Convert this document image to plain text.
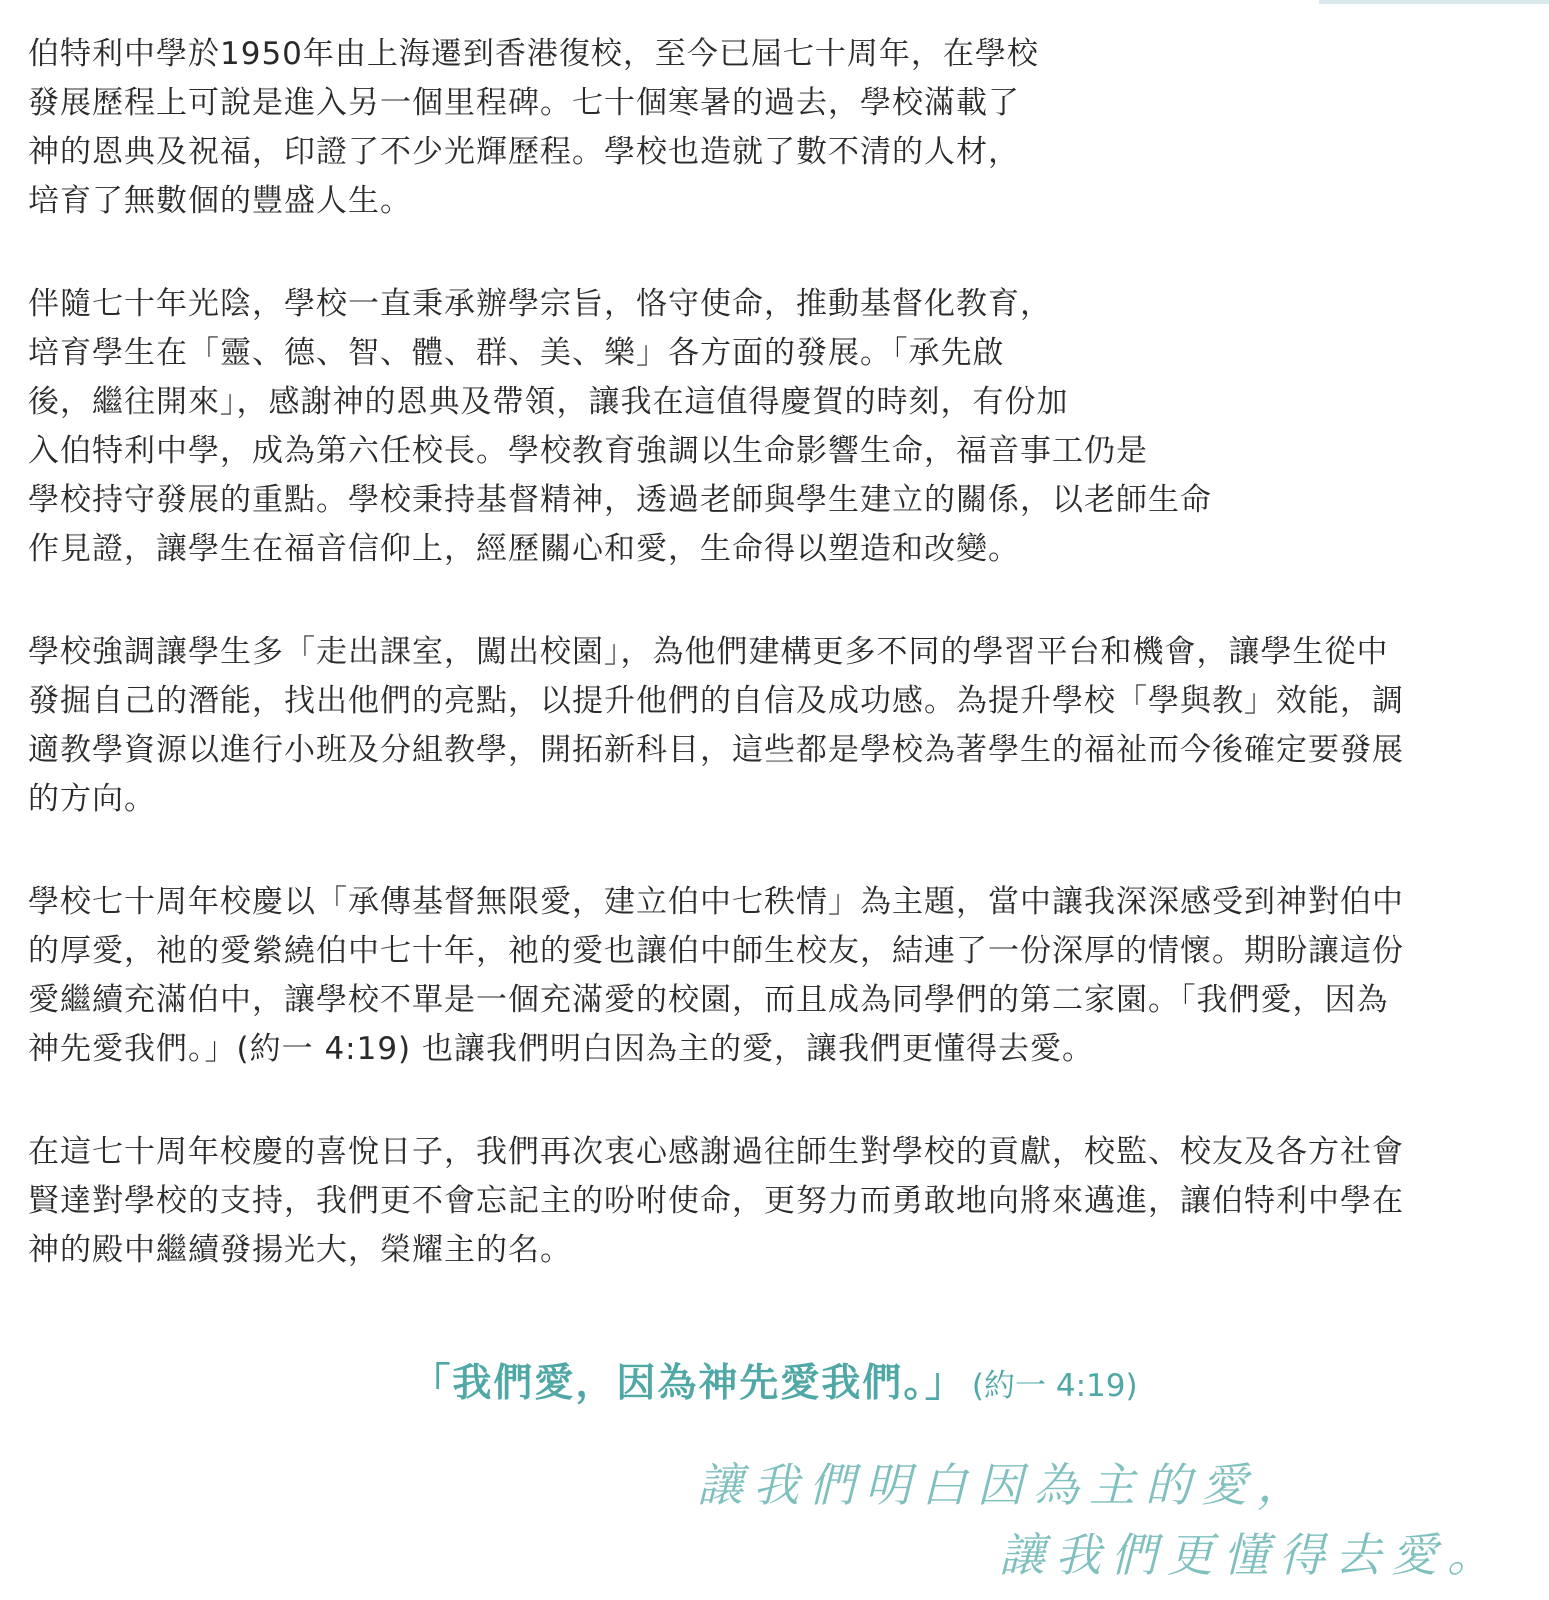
伯特利中學於1950年由上海遷到香港復校，至今已屆七十周年，在學校
發展歷程上可說是進入另一個里程碑。七十個寒暑的過去，學校滿載了
神的恩典及祝福，印證了不少光輝歷程。學校也造就了數不清的人材，
培育了無數個的豐盛人生。
伴隨七十年光陰，學校一直秉承辦學宗旨，恪守使命，推動基督化教育，
培育學生在「靈、德、智、體、群、美、樂」各方面的發展。「承先啟
後，繼往開來」，感謝神的恩典及帶領，讓我在這值得慶賀的時刻，有份加
入伯特利中學，成為第六任校長。學校教育強調以生命影響生命，福音事工仍是
學校持守發展的重點。學校秉持基督精神，透過老師與學生建立的關係，以老師生命
作見證，讓學生在福音信仰上，經歷關心和愛，生命得以塑造和改變。
學校強調讓學生多「走出課室，闖出校園」，為他們建構更多不同的學習平台和機會，讓學生從中
發掘自己的潛能，找出他們的亮點，以提升他們的自信及成功感。為提升學校「學與教」效能，調
適教學資源以進行小班及分組教學，開拓新科目，這些都是學校為著學生的福祉而今後確定要發展
的方向。
學校七十周年校慶以「承傳基督無限愛，建立伯中七秩情」為主題，當中讓我深深感受到神對伯中
的厚愛，祂的愛縈繞伯中七十年，祂的愛也讓伯中師生校友，結連了一份深厚的情懷。期盼讓這份
愛繼續充滿伯中，讓學校不單是一個充滿愛的校園，而且成為同學們的第二家園。「我們愛，因為
神先愛我們。」(約一 4:19) 也讓我們明白因為主的愛，讓我們更懂得去愛。
在這七十周年校慶的喜悅日子，我們再次衷心感謝過往師生對學校的貢獻，校監、校友及各方社會
賢達對學校的支持，我們更不會忘記主的吩咐使命，更努力而勇敢地向將來邁進，讓伯特利中學在
神的殿中繼續發揚光大，榮耀主的名。
「我們愛，因為神先愛我們。」 (約一 4:19)
讓我們明白因為主的愛，
讓我們更懂得去愛。
